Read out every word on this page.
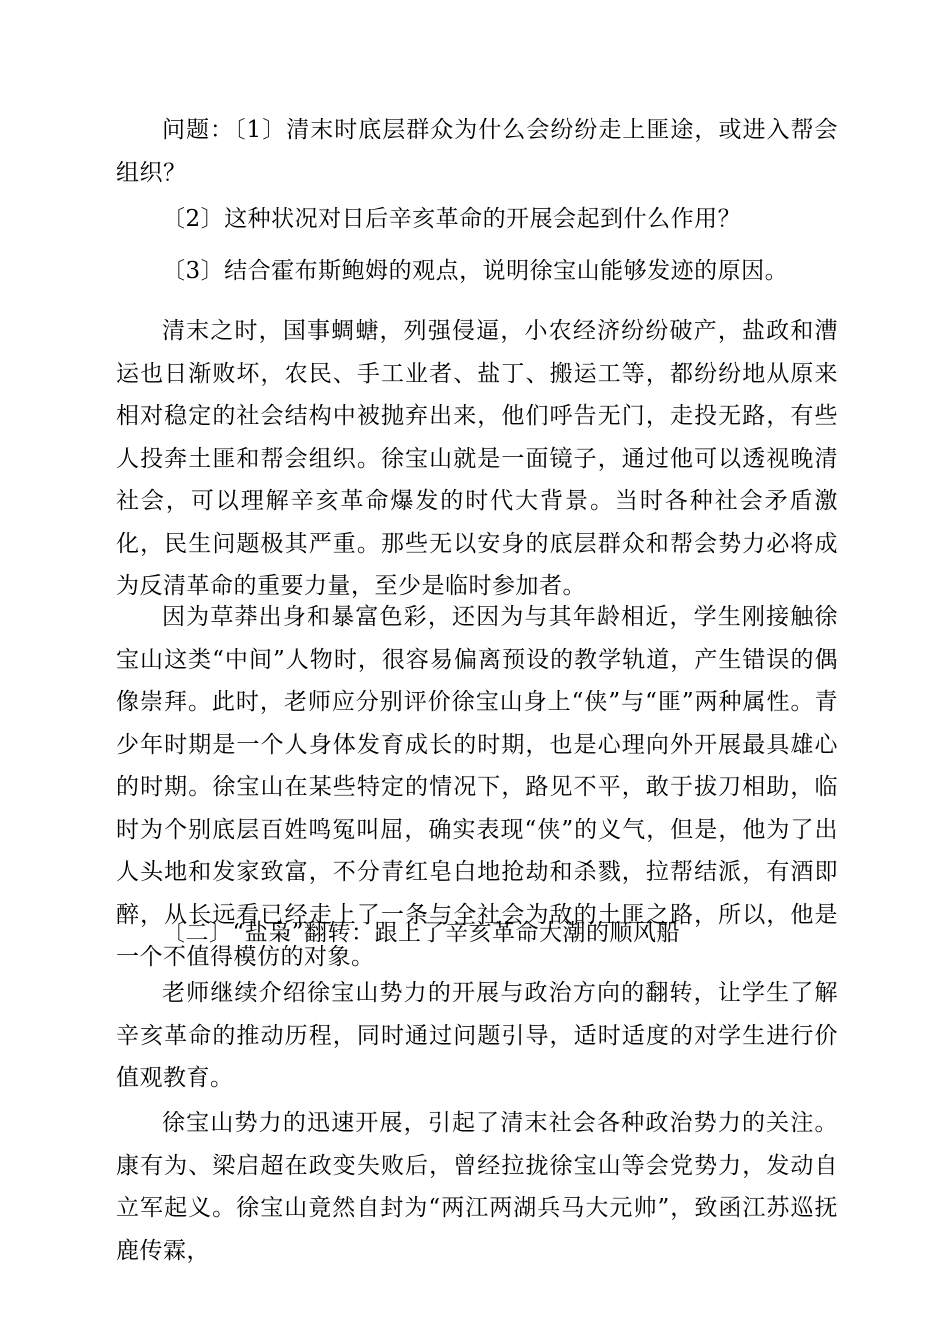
问题：〔1〕清末时底层群众为什么会纷纷走上匪途，或进入帮会组织？

〔2〕这种状况对日后辛亥革命的开展会起到什么作用？

〔3〕结合霍布斯鲍姆的观点，说明徐宝山能够发迹的原因。

清末之时，国事蜩螗，列强侵逼，小农经济纷纷破产，盐政和漕运也日渐败坏，农民、手工业者、盐丁、搬运工等，都纷纷地从原来相对稳定的社会结构中被抛弃出来，他们呼告无门，走投无路，有些人投奔土匪和帮会组织。徐宝山就是一面镜子，通过他可以透视晚清社会，可以理解辛亥革命爆发的时代大背景。当时各种社会矛盾激化，民生问题极其严重。那些无以安身的底层群众和帮会势力必将成为反清革命的重要力量，至少是临时参加者。

因为草莽出身和暴富色彩，还因为与其年龄相近，学生刚接触徐宝山这类“中间”人物时，很容易偏离预设的教学轨道，产生错误的偶像崇拜。此时，老师应分别评价徐宝山身上“侠”与“匪”两种属性。青少年时期是一个人身体发育成长的时期，也是心理向外开展最具雄心的时期。徐宝山在某些特定的情况下，路见不平，敢于拔刀相助，临时为个别底层百姓鸣冤叫屈，确实表现“侠”的义气，但是，他为了出人头地和发家致富，不分青红皂白地抢劫和杀戮，拉帮结派，有酒即醉，从长远看已经走上了一条与全社会为敌的土匪之路，所以，他是一个不值得模仿的对象。

〔二〕“盐枭”翻转：跟上了辛亥革命大潮的顺风船

老师继续介绍徐宝山势力的开展与政治方向的翻转，让学生了解辛亥革命的推动历程，同时通过问题引导，适时适度的对学生进行价值观教育。

徐宝山势力的迅速开展，引起了清末社会各种政治势力的关注。康有为、梁启超在政变失败后，曾经拉拢徐宝山等会党势力，发动自立军起义。徐宝山竟然自封为“两江两湖兵马大元帅”，致函江苏巡抚鹿传霖，
